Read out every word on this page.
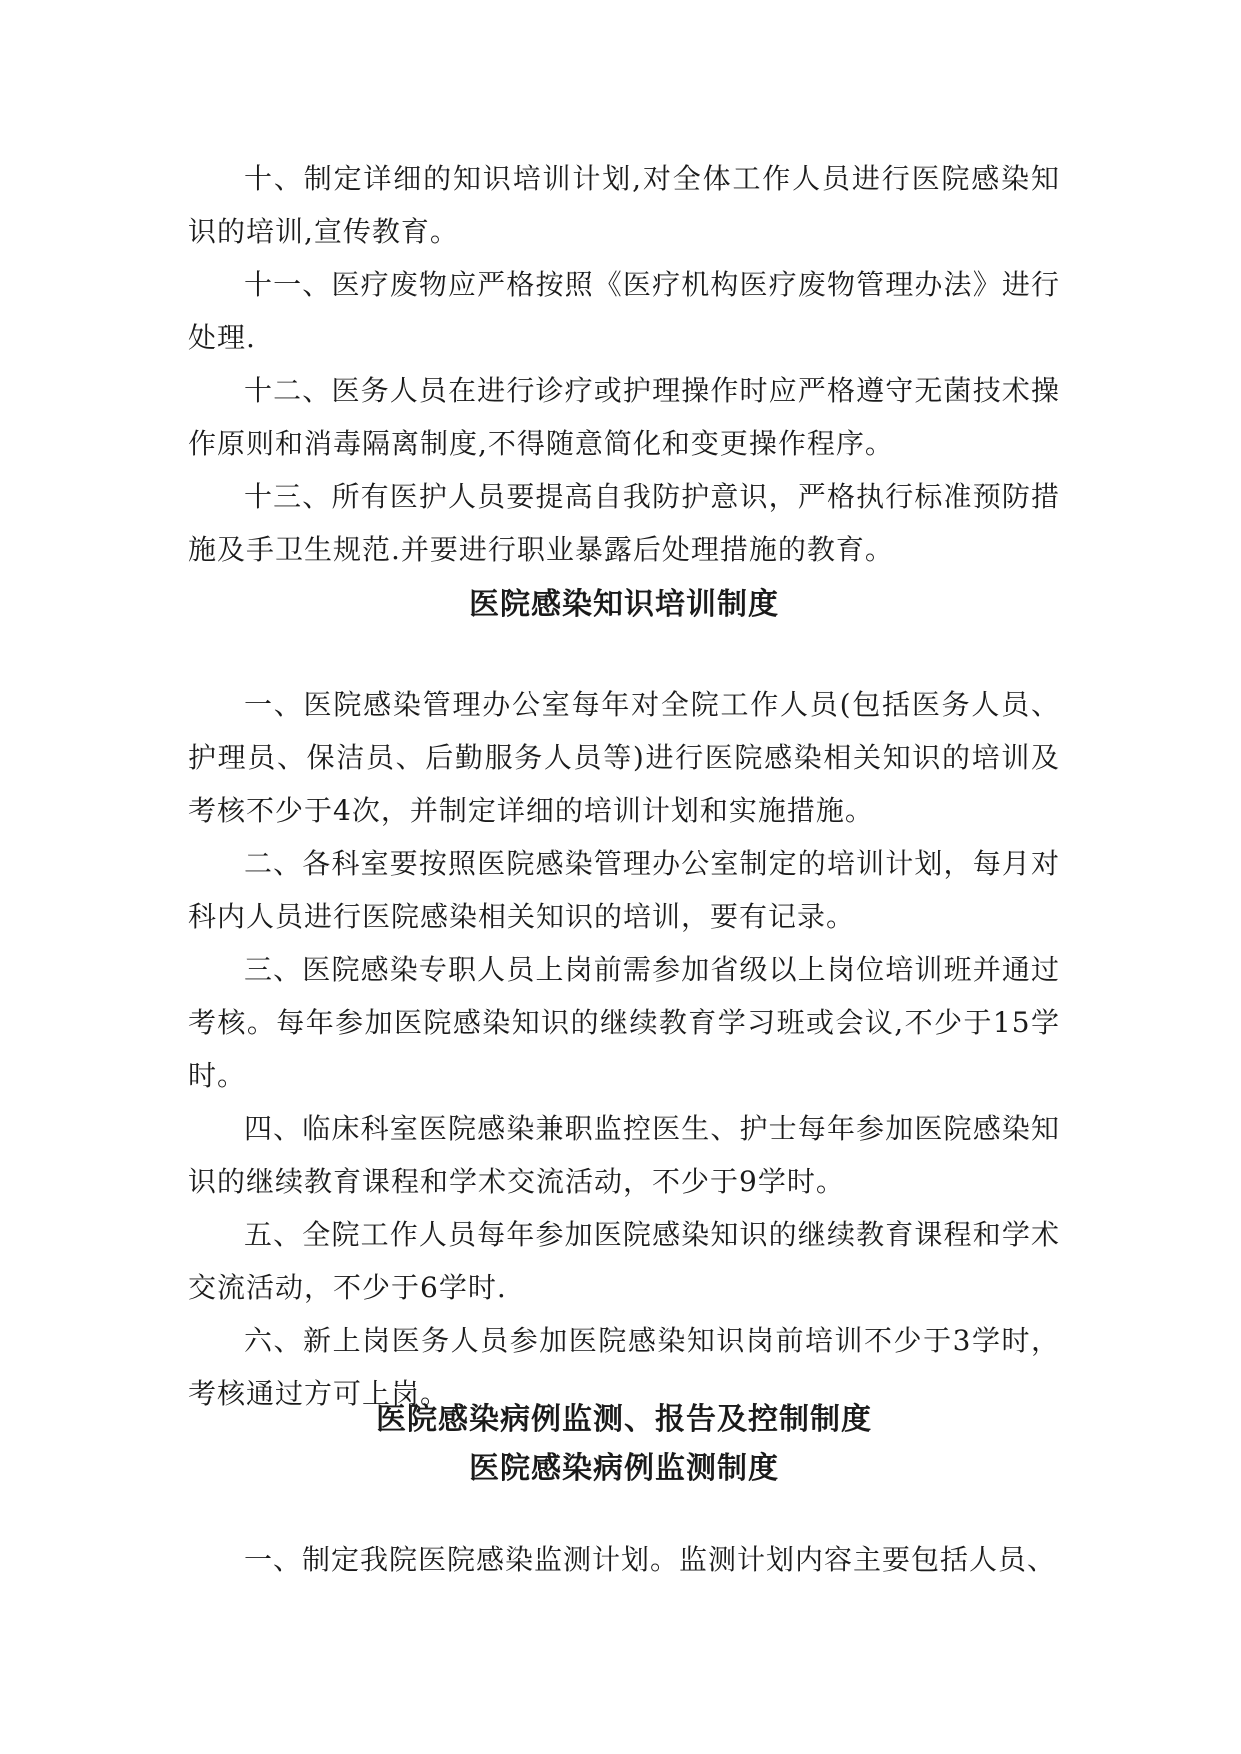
十、制定详细的知识培训计划,对全体工作人员进行医院感染知识的培训,宣传教育。

十一、医疗废物应严格按照《医疗机构医疗废物管理办法》进行处理.

十二、医务人员在进行诊疗或护理操作时应严格遵守无菌技术操作原则和消毒隔离制度,不得随意简化和变更操作程序。

十三、所有医护人员要提高自我防护意识，严格执行标准预防措施及手卫生规范.并要进行职业暴露后处理措施的教育。

医院感染知识培训制度

一、医院感染管理办公室每年对全院工作人员(包括医务人员、护理员、保洁员、后勤服务人员等)进行医院感染相关知识的培训及考核不少于4次，并制定详细的培训计划和实施措施。

二、各科室要按照医院感染管理办公室制定的培训计划，每月对科内人员进行医院感染相关知识的培训，要有记录。

三、医院感染专职人员上岗前需参加省级以上岗位培训班并通过考核。每年参加医院感染知识的继续教育学习班或会议,不少于15学时。

四、临床科室医院感染兼职监控医生、护士每年参加医院感染知识的继续教育课程和学术交流活动，不少于9学时。

五、全院工作人员每年参加医院感染知识的继续教育课程和学术交流活动，不少于6学时.

六、新上岗医务人员参加医院感染知识岗前培训不少于3学时，考核通过方可上岗。

医院感染病例监测、报告及控制制度
医院感染病例监测制度

一、制定我院医院感染监测计划。监测计划内容主要包括人员、
